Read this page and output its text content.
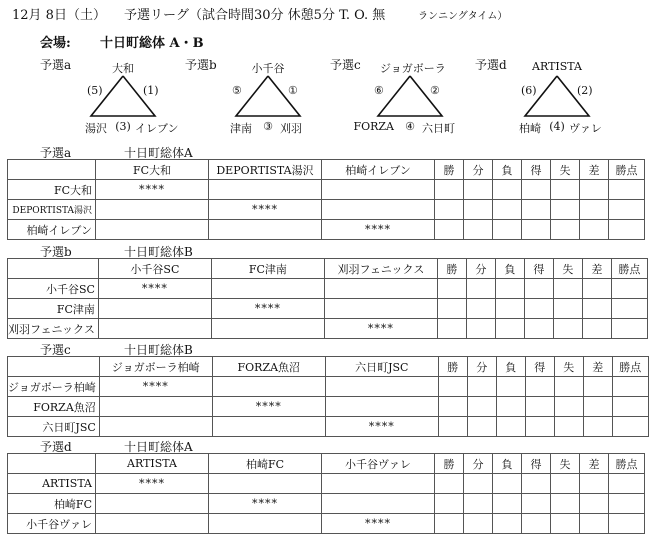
12月 8日（土） 予選リーグ（試合時間30分 休憩5分 T. O. 無	ランニングタイム）
会場: 十日町総体 A・B
予選a	大和
(5)	(1)
湯沢 (3) イレブン
予選b	小千谷
⑤	①
津南 ③ 刈羽
予選c ジョガボーラ
⑥	②
FORZA ④ 六日町
予選d	ARTISTA
(6)	(2)
柏崎 (4) ヴァレ
予選a	十日町総体A
	FC大和	DEPORTISTA湯沢	柏崎イレブン	勝	分	負	得	失	差	勝点
FC大和	****									
DEPORTISTA湯沢		****								
柏崎イレブン			****							
予選b	十日町総体B
	小千谷SC	FC津南	刈羽フェニックス	勝	分	負	得	失	差	勝点
小千谷SC	****									
FC津南		****								
刈羽フェニックス			****							
予選c	十日町総体B
	ジョガボーラ柏崎	FORZA魚沼	六日町JSC	勝	分	負	得	失	差	勝点
ジョガボーラ柏崎	****									
FORZA魚沼		****								
六日町JSC			****							
予選d	十日町総体A
	ARTISTA	柏崎FC	小千谷ヴァレ	勝	分	負	得	失	差	勝点
ARTISTA	****									
柏崎FC		****								
小千谷ヴァレ			****							
